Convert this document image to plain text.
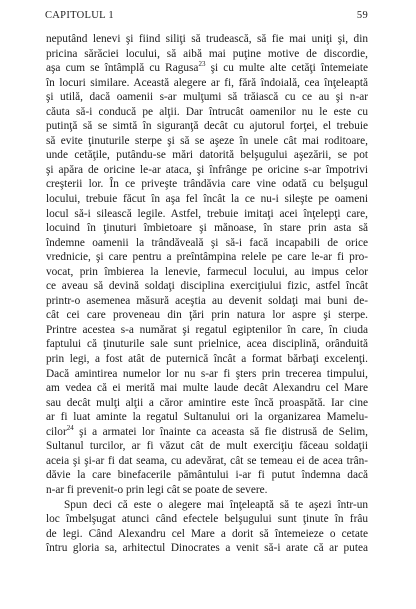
CAPITOLUL 1	59
neputând lenevi şi fiind siliţi să trudească, să fie mai uniţi şi, din
pricina sărăciei locului, să aibă mai puţine motive de discordie,
aşa cum se întâmplă cu Ragusa$^{23}$ şi cu multe alte cetăţi întemeiate
în locuri similare. Această alegere ar fi, fără îndoială, cea înţeleaptă
şi utilă, dacă oamenii s-ar mulţumi să trăiască cu ce au şi n-ar
căuta să-i conducă pe alţii. Dar întrucât oamenilor nu le este cu
putinţă să se simtă în siguranţă decât cu ajutorul forţei, el trebuie
să evite ţinuturile sterpe şi să se aşeze în unele cât mai roditoare,
unde cetăţile, putându-se mări datorită belşugului aşezării, se pot
şi apăra de oricine le-ar ataca, şi înfrânge pe oricine s-ar împotrivi
creşterii lor. În ce priveşte trândăvia care vine odată cu belşugul
locului, trebuie făcut în aşa fel încât la ce nu-i sileşte pe oameni
locul să-i silească legile. Astfel, trebuie imitaţi acei înţelepţi care,
locuind în ţinuturi îmbietoare şi mănoase, în stare prin asta să
îndemne oamenii la trândăveală şi să-i facă incapabili de orice
vrednicie, şi care pentru a preîntâmpina relele pe care le-ar fi pro-
vocat, prin îmbierea la lenevie, farmecul locului, au impus celor
ce aveau să devină soldaţi disciplina exerciţiului fizic, astfel încât
printr-o asemenea măsură aceştia au devenit soldaţi mai buni de-
cât cei care proveneau din ţări prin natura lor aspre şi sterpe.
Printre acestea s-a numărat şi regatul egiptenilor în care, în ciuda
faptului că ţinuturile sale sunt prielnice, acea disciplină, orânduită
prin legi, a fost atât de puternică încât a format bărbaţi excelenţi.
Dacă amintirea numelor lor nu s-ar fi şters prin trecerea timpului,
am vedea că ei merită mai multe laude decât Alexandru cel Mare
sau decât mulţi alţii a căror amintire este încă proaspătă. Iar cine
ar fi luat aminte la regatul Sultanului ori la organizarea Mamelu-
cilor$^{24}$ şi a armatei lor înainte ca aceasta să fie distrusă de Selim,
Sultanul turcilor, ar fi văzut cât de mult exerciţiu făceau soldaţii
aceia şi şi-ar fi dat seama, cu adevărat, cât se temeau ei de acea trân-
dăvie la care binefacerile pământului i-ar fi putut îndemna dacă
n-ar fi prevenit-o prin legi cât se poate de severe.
Spun deci că este o alegere mai înţeleaptă să te aşezi într-un
loc îmbelşugat atunci când efectele belşugului sunt ţinute în frâu
de legi. Când Alexandru cel Mare a dorit să întemeieze o cetate
întru gloria sa, arhitectul Dinocrates a venit să-i arate că ar putea
